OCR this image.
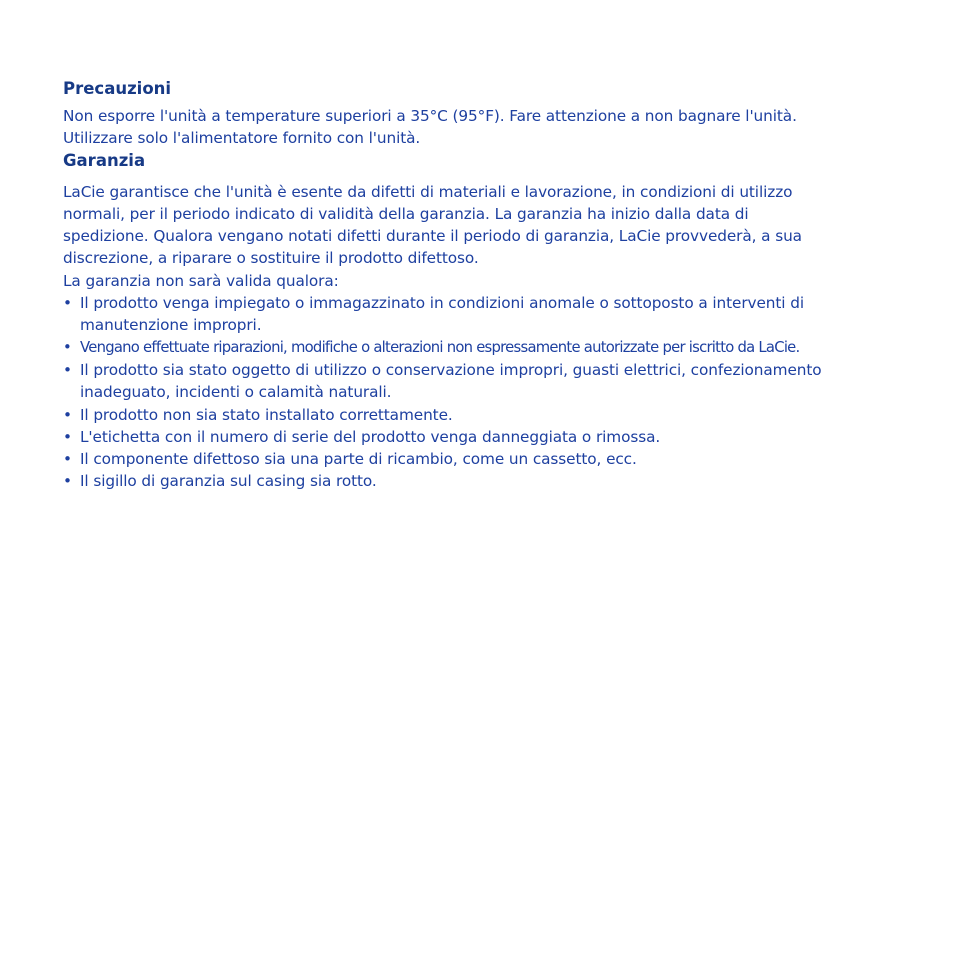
Precauzioni

Non esporre l'unità a temperature superiori a 35°C (95°F). Fare attenzione a non bagnare l'unità.
Utilizzare solo l'alimentatore fornito con l'unità.

Garanzia

LaCie garantisce che l'unità è esente da difetti di materiali e lavorazione, in condizioni di utilizzo
normali, per il periodo indicato di validità della garanzia. La garanzia ha inizio dalla data di
spedizione. Qualora vengano notati difetti durante il periodo di garanzia, LaCie provvederà, a sua
discrezione, a riparare o sostituire il prodotto difettoso.

La garanzia non sarà valida qualora:

• Il prodotto venga impiegato o immagazzinato in condizioni anomale o sottoposto a interventi di
manutenzione impropri.
• Vengano effettuate riparazioni, modifiche o alterazioni non espressamente autorizzate per iscritto da LaCie.
• Il prodotto sia stato oggetto di utilizzo o conservazione impropri, guasti elettrici, confezionamento
inadeguato, incidenti o calamità naturali.
• Il prodotto non sia stato installato correttamente.
• L'etichetta con il numero di serie del prodotto venga danneggiata o rimossa.
• Il componente difettoso sia una parte di ricambio, come un cassetto, ecc.
• Il sigillo di garanzia sul casing sia rotto.
